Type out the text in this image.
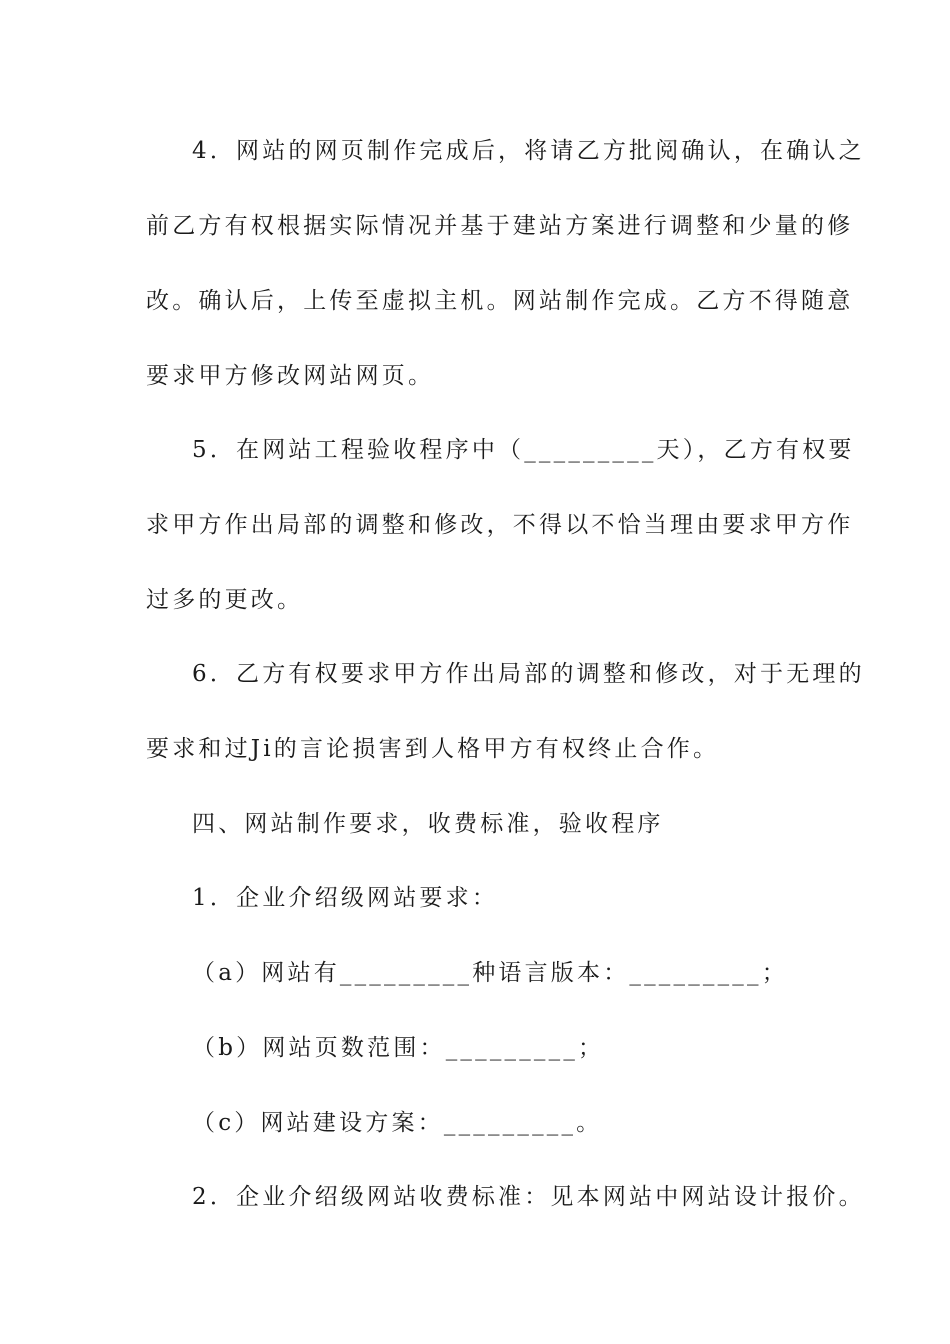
4．网站的网页制作完成后，将请乙方批阅确认，在确认之
前乙方有权根据实际情况并基于建站方案进行调整和少量的修
改。确认后，上传至虚拟主机。网站制作完成。乙方不得随意
要求甲方修改网站网页。
5．在网站工程验收程序中（_________天），乙方有权要
求甲方作出局部的调整和修改，不得以不恰当理由要求甲方作
过多的更改。
6．乙方有权要求甲方作出局部的调整和修改，对于无理的
要求和过Ji的言论损害到人格甲方有权终止合作。
四、网站制作要求，收费标准，验收程序
1．企业介绍级网站要求：
（a）网站有_________种语言版本：_________；
（b）网站页数范围：_________；
（c）网站建设方案：_________。
2．企业介绍级网站收费标准：见本网站中网站设计报价。
